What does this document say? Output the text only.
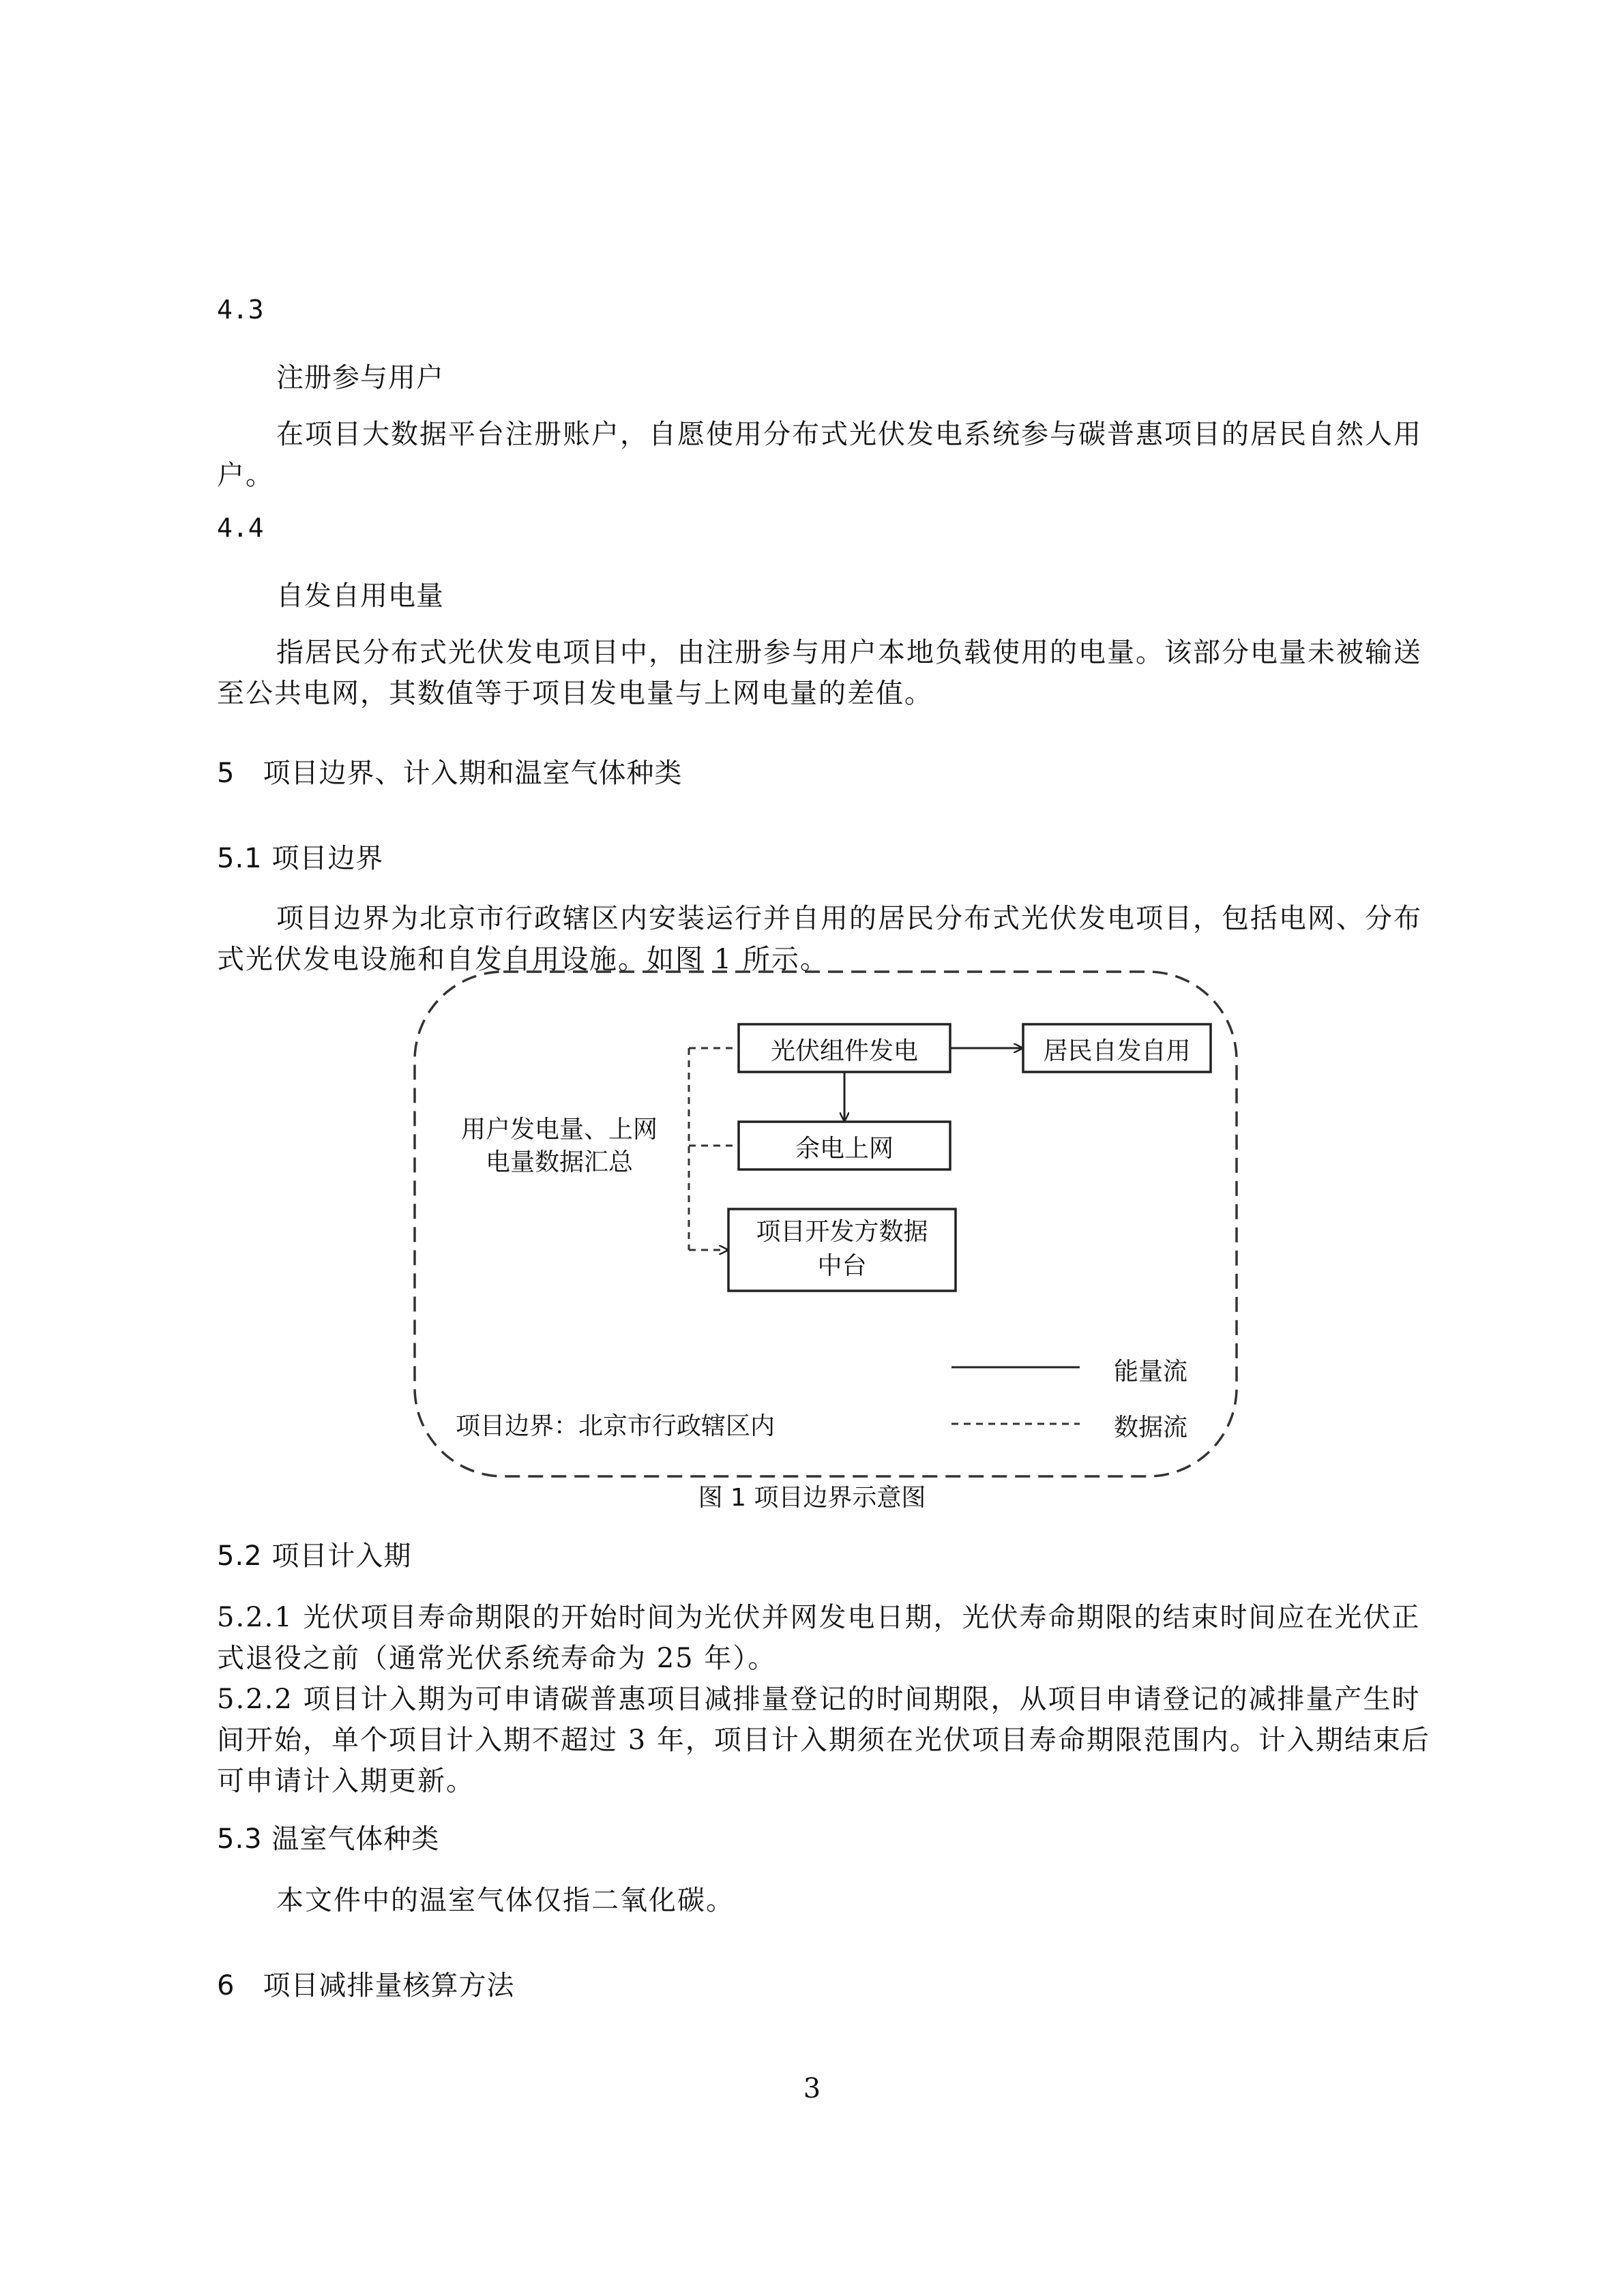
4.3
注册参与用户
在项目大数据平台注册账户，自愿使用分布式光伏发电系统参与碳普惠项目的居民自然人用
户。
4.4
自发自用电量
指居民分布式光伏发电项目中，由注册参与用户本地负载使用的电量。该部分电量未被输送
至公共电网，其数值等于项目发电量与上网电量的差值。
5　项目边界、计入期和温室气体种类
5.1 项目边界
项目边界为北京市行政辖区内安装运行并自用的居民分布式光伏发电项目，包括电网、分布
式光伏发电设施和自发自用设施。如图 1 所示。
用户发电量、上网
电量数据汇总
光伏组件发电	居民自发自用
余电上网
项目开发方数据
中台
能量流
数据流
项目边界：北京市行政辖区内
图 1 项目边界示意图
5.2 项目计入期
5.2.1 光伏项目寿命期限的开始时间为光伏并网发电日期，光伏寿命期限的结束时间应在光伏正
式退役之前（通常光伏系统寿命为 25 年）。
5.2.2 项目计入期为可申请碳普惠项目减排量登记的时间期限，从项目申请登记的减排量产生时
间开始，单个项目计入期不超过 3 年，项目计入期须在光伏项目寿命期限范围内。计入期结束后
可申请计入期更新。
5.3 温室气体种类
本文件中的温室气体仅指二氧化碳。
6　项目减排量核算方法
3
